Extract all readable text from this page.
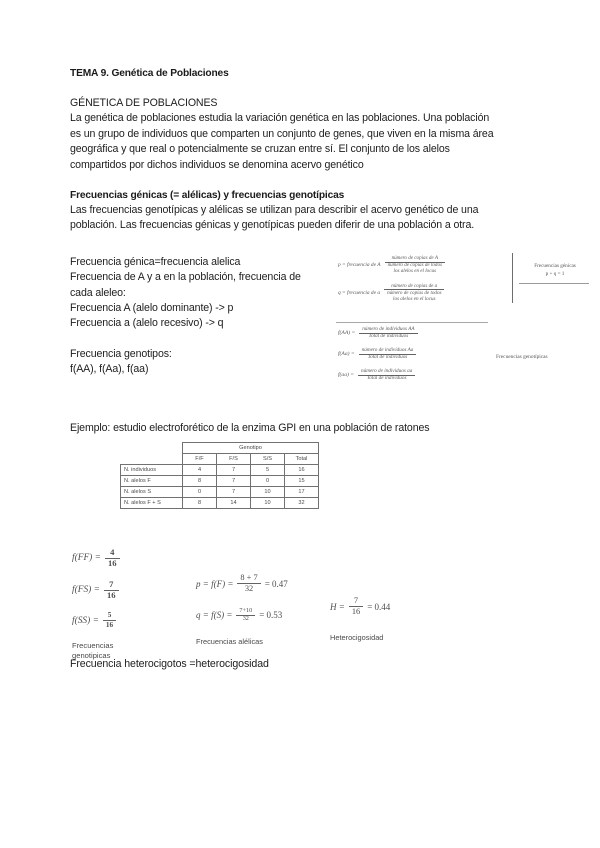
TEMA 9. Genética de Poblaciones
GÉNETICA DE POBLACIONES
La genética de poblaciones estudia la variación genética en las poblaciones. Una población
es un grupo de individuos que comparten un conjunto de genes, que viven en la misma área
geográfica y que real o potencialmente se cruzan entre sí. El conjunto de los alelos
compartidos por dichos individuos se denomina acervo genético
Frecuencias génicas (= alélicas) y frecuencias genotípicas
Las frecuencias genotípicas y alélicas se utilizan para describir el acervo genético de una
población. Las frecuencias génicas y genotípicas pueden diferir de una población a otra.
Frecuencia génica=frecuencia alelica
Frecuencia de A y a en la población, frecuencia de
cada aleleo:
Frecuencia A (alelo dominante) -> p
Frecuencia a (alelo recesivo) -> q
Frecuencia genotipos:
f(AA), f(Aa), f(aa)
p = frecuencia de A
número de copias de A
número de copias de todos
los alelos en el locus
q = frecuencia de a
número de copias de a
número de copias de todos
los alelos en el locus
Frecuencias génicas
p + q = 1
$f(AA) = \frac{\text{número de individuos AA}}{\text{Total de individuos}}$
$f(Aa) = \frac{\text{número de individuos Aa}}{\text{Total de individuos}}$
$f(aa) = \frac{\text{número de individuos aa}}{\text{Total de individuos}}$
Frecuencias genotípicas
Ejemplo: estudio electroforético de la enzima GPI en una población de ratones
	Genotipo			
	F/F	F/S	S/S	Total
N. individuos	4	7	5	16
N. alelos F	8	7	0	15
N. alelos S	0	7	10	17
N. alelos F + S	8	14	10	32
$f(FF) = \frac{4}{16}$
$f(FS) = \frac{7}{16}$
$f(SS) = \frac{5}{16}$
Frecuencias
genotipicas
$p = f(F) = \frac{8 + 7}{32} = 0.47$
$q = f(S) = \frac{7+10}{32} = 0.53$
Frecuencias alélicas
$H = \frac{7}{16} = 0.44$
Heterocigosidad
Frecuencia heterocigotos =heterocigosidad
